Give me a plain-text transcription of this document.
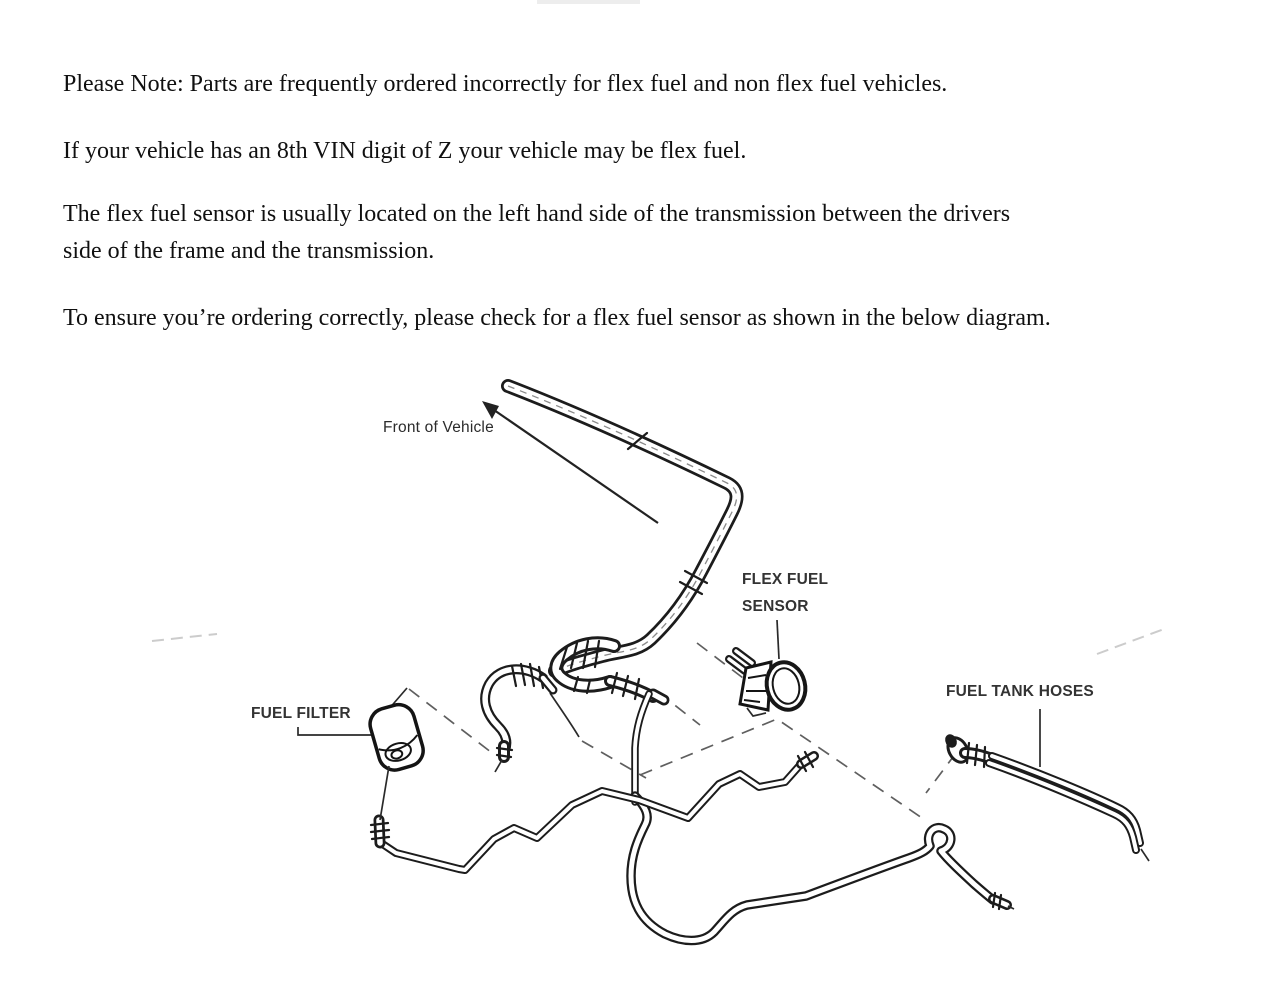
Please Note: Parts are frequently ordered incorrectly for flex fuel and non flex fuel vehicles.
If your vehicle has an 8th VIN digit of Z your vehicle may be flex fuel.
The flex fuel sensor is usually located on the left hand side of the transmission between the drivers
side of the frame and the transmission.
To ensure you’re ordering correctly, please check for a flex fuel sensor as shown in the below diagram.
Front of Vehicle
FLEX FUEL
SENSOR
FUEL FILTER
FUEL TANK HOSES
